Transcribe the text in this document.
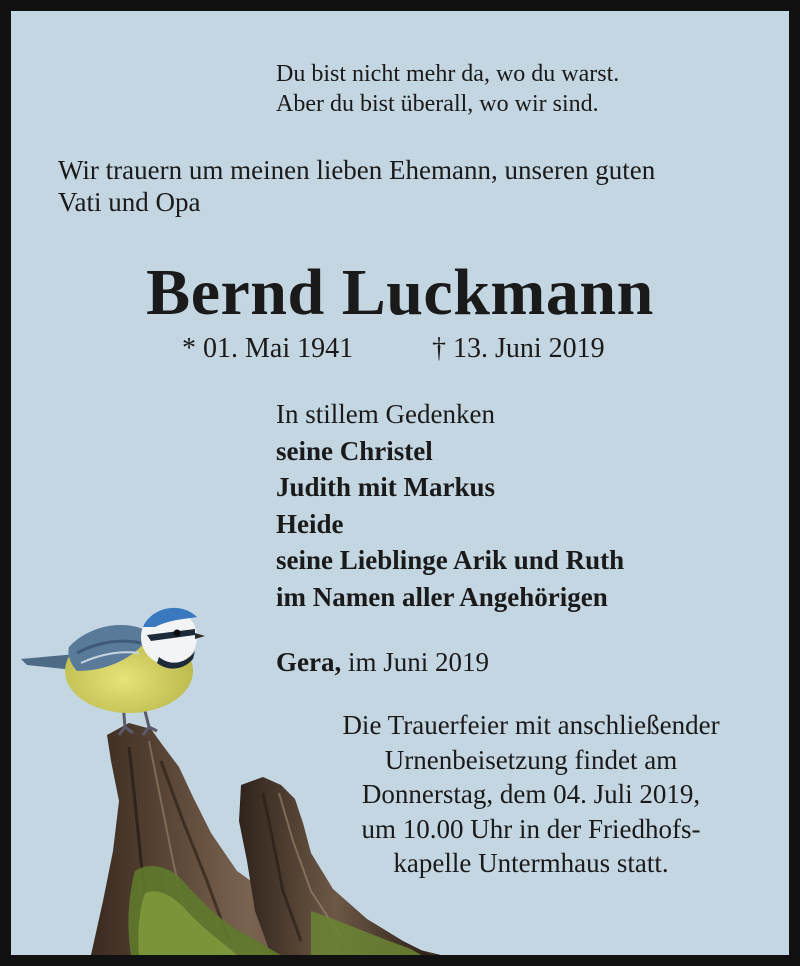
Du bist nicht mehr da, wo du warst.
Aber du bist überall, wo wir sind.
Wir trauern um meinen lieben Ehemann, unseren guten
Vati und Opa
Bernd Luckmann
* 01. Mai 1941	† 13. Juni 2019
In stillem Gedenken
seine Christel
Judith mit Markus
Heide
seine Lieblinge Arik und Ruth
im Namen aller Angehörigen
Gera, im Juni 2019
Die Trauerfeier mit anschließender
Urnenbeisetzung findet am
Donnerstag, dem 04. Juli 2019,
um 10.00 Uhr in der Friedhofs-
kapelle Untermhaus statt.
